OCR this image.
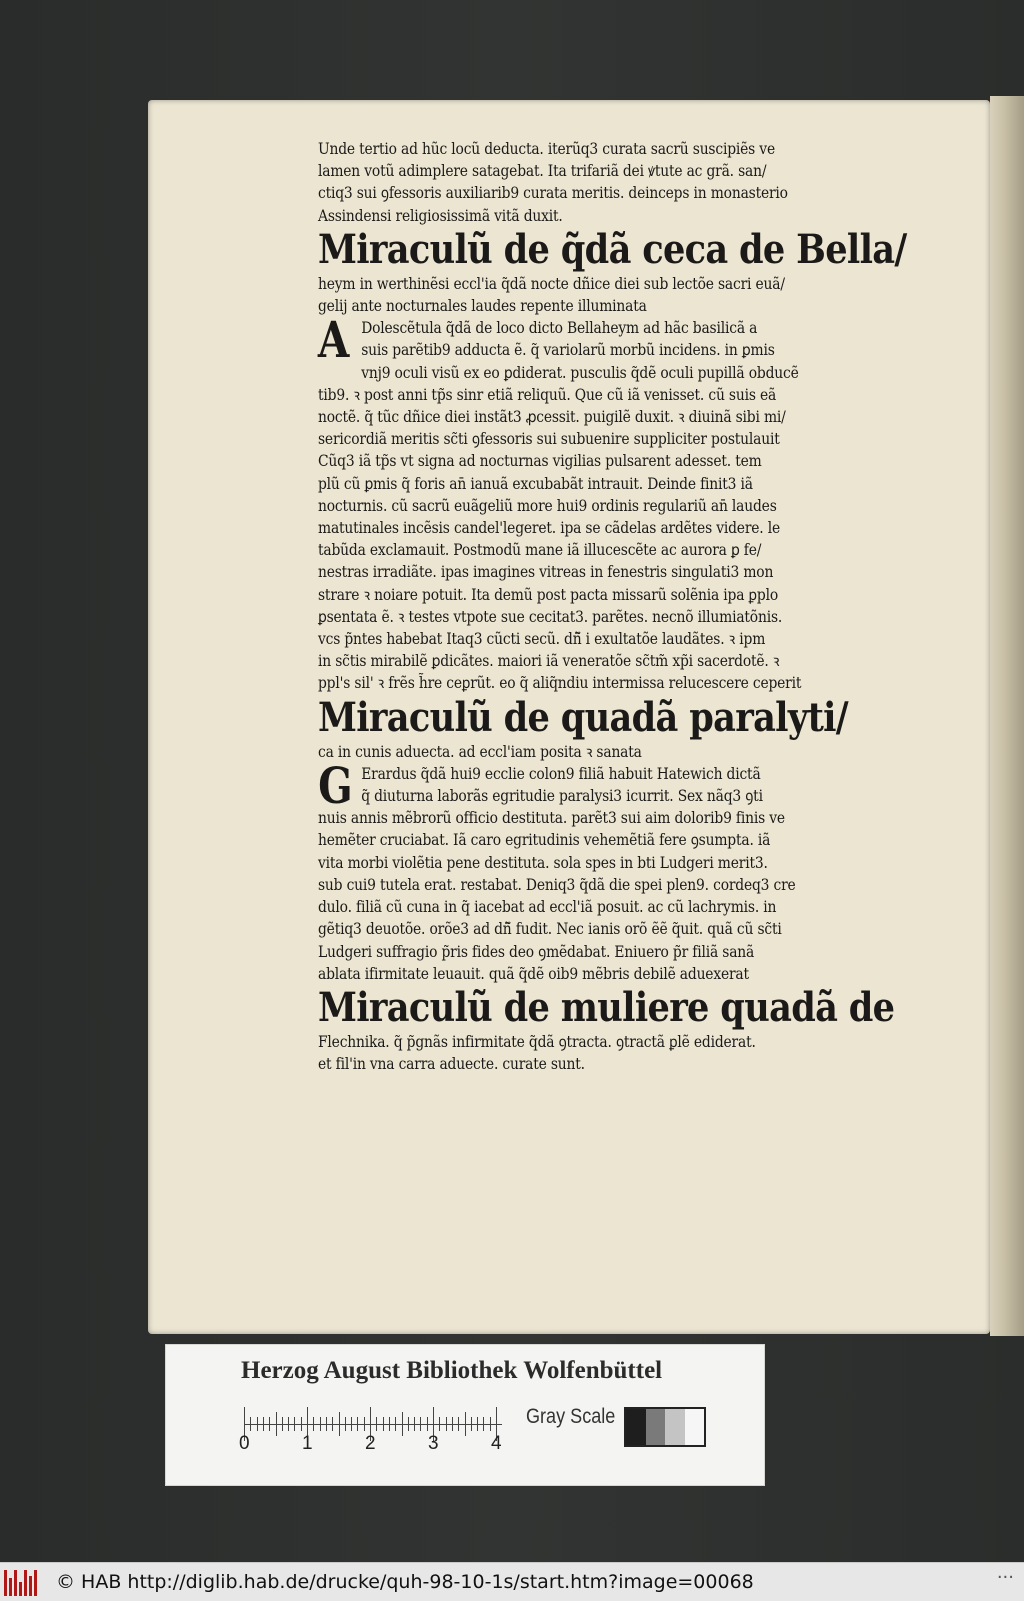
Unde tertio ad hũc locũ deducta. iterũq3 curata sacrũ suscipiẽs ve
lamen votũ adimplere satagebat. Ita trifariã dei ꝟtute ac grã. san/
ctiq3 sui ꝯfessoris auxiliarib9 curata meritis. deinceps in monasterio
Assindensi religiosissimã vitã duxit.
Miraculũ de q̃dã ceca de Bella/
heym in werthinẽsi eccl'ia q̃dã nocte dñice diei sub lectõe sacri euã/
gelij ante nocturnales laudes repente illuminata
A Dolescẽtula q̃dã de loco dicto Bellaheym ad hãc basilicã a
suis parẽtib9 adducta ẽ. q̃ variolarũ morbũ incidens. in ꝑmis
vnj9 oculi visũ ex eo ꝑdiderat. pusculis q̃dẽ oculi pupillã obducẽ
tib9. ꝛ post anni tp̃s sinr etiã reliquũ. Que cũ iã venisset. cũ suis eã
noctẽ. q̃ tũc dñice diei instãt3 ꝓcessit. puigilẽ duxit. ꝛ diuinã sibi mi/
sericordiã meritis sc̃ti ꝯfessoris sui subuenire suppliciter postulauit
Cũq3 iã tp̃s vt signa ad nocturnas vigilias pulsarent adesset. tem
plũ cũ ꝑmis q̃ foris an̄ ianuã excubabãt intrauit. Deinde finit3 iã
nocturnis. cũ sacrũ euãgeliũ more hui9 ordinis regulariũ an̄ laudes
matutinales incẽsis candel'legeret. ipa se cãdelas ardẽtes videre. le
tabũda exclamauit. Postmodũ mane iã illucescẽte ac aurora ꝑ fe/
nestras irradiãte. ipas imagines vitreas in fenestris singulati3 mon
strare ꝛ noiare potuit. Ita demũ post pacta missarũ solẽnia ipa ꝑplo
ꝑsentata ẽ. ꝛ testes vtpote sue cecitat3. parẽtes. necnõ illumiatõnis.
vcs p̃ntes habebat Itaq3 cũcti secũ. dñ̃ i exultatõe laudãtes. ꝛ ipm
in sc̃tis mirabilẽ ꝑdicãtes. maiori iã veneratõe sc̃tm̃ xp̃i sacerdotẽ. ꝛ
ppl's sil' ꝛ frẽs h̃re ceꝑrũt. eo q̃ aliq̃ndiu intermissa relucescere ceperit
Miraculũ de quadã paralyti/
ca in cunis aduecta. ad eccl'iam posita ꝛ sanata
G Erardus q̃dã hui9 ecclie colon9 filiã habuit Hatewich dictã
q̃ diuturna laborãs egritudie paralysi3 icurrit. Sex nãq3 ꝯti
nuis annis mẽbrorũ officio destituta. parẽt3 sui aim dolorib9 finis ve
hemẽter cruciabat. Iã caro egritudinis vehemẽtiã fere ꝯsumpta. iã
vita morbi violẽtia pene destituta. sola spes in bti Ludgeri merit3.
sub cui9 tutela erat. restabat. Deniq3 q̃dã die spei plen9. cordeq3 cre
dulo. filiã cũ cuna in q̃ iacebat ad eccl'iã posuit. ac cũ lachrymis. in
gẽtiq3 deuotõe. orõe3 ad dñ̃ fudit. Nec ianis orõ ẽẽ q̃uit. quã cũ sc̃ti
Ludgeri suffragio p̃ris fides deo ꝯmẽdabat. Eniuero p̃r filiã sanã
ablata ifirmitate leuauit. quã q̃dẽ oib9 mẽbris debilẽ aduexerat
Miraculũ de muliere quadã de
Flechnika. q̃ p̃gnãs infirmitate q̃dã ꝯtracta. ꝯtractã ꝑlẽ ediderat.
et fil'in vna carra aduecte. curate sunt.
Herzog August Bibliothek Wolfenbüttel
Gray Scale
0	1	2	3	4
© HAB http://diglib.hab.de/drucke/quh-98-10-1s/start.htm?image=00068	···
